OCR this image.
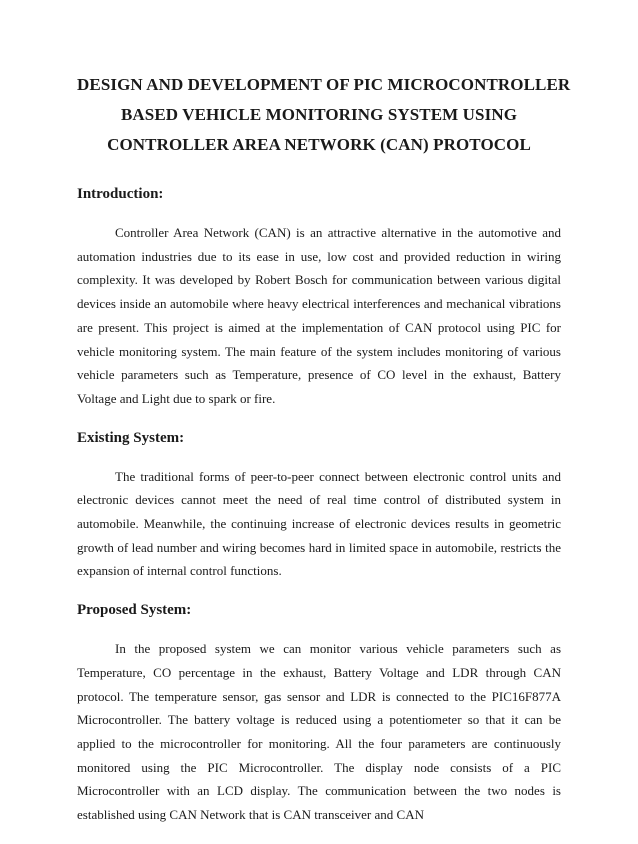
DESIGN AND DEVELOPMENT OF PIC MICROCONTROLLER
BASED VEHICLE MONITORING SYSTEM USING
CONTROLLER AREA NETWORK (CAN) PROTOCOL
Introduction:

Controller Area Network (CAN) is an attractive alternative in the automotive and automation industries due to its ease in use, low cost and provided reduction in wiring complexity. It was developed by Robert Bosch for communication between various digital devices inside an automobile where heavy electrical interferences and mechanical vibrations are present. This project is aimed at the implementation of CAN protocol using PIC for vehicle monitoring system. The main feature of the system includes monitoring of various vehicle parameters such as Temperature, presence of CO level in the exhaust, Battery Voltage and Light due to spark or fire.

Existing System:

The traditional forms of peer-to-peer connect between electronic control units and electronic devices cannot meet the need of real time control of distributed system in automobile. Meanwhile, the continuing increase of electronic devices results in geometric growth of lead number and wiring becomes hard in limited space in automobile, restricts the expansion of internal control functions.

Proposed System:

In the proposed system we can monitor various vehicle parameters such as Temperature, CO percentage in the exhaust, Battery Voltage and LDR through CAN protocol. The temperature sensor, gas sensor and LDR is connected to the PIC16F877A Microcontroller. The battery voltage is reduced using a potentiometer so that it can be applied to the microcontroller for monitoring. All the four parameters are continuously monitored using the PIC Microcontroller. The display node consists of a PIC Microcontroller with an LCD display. The communication between the two nodes is established using CAN Network that is CAN transceiver and CAN
